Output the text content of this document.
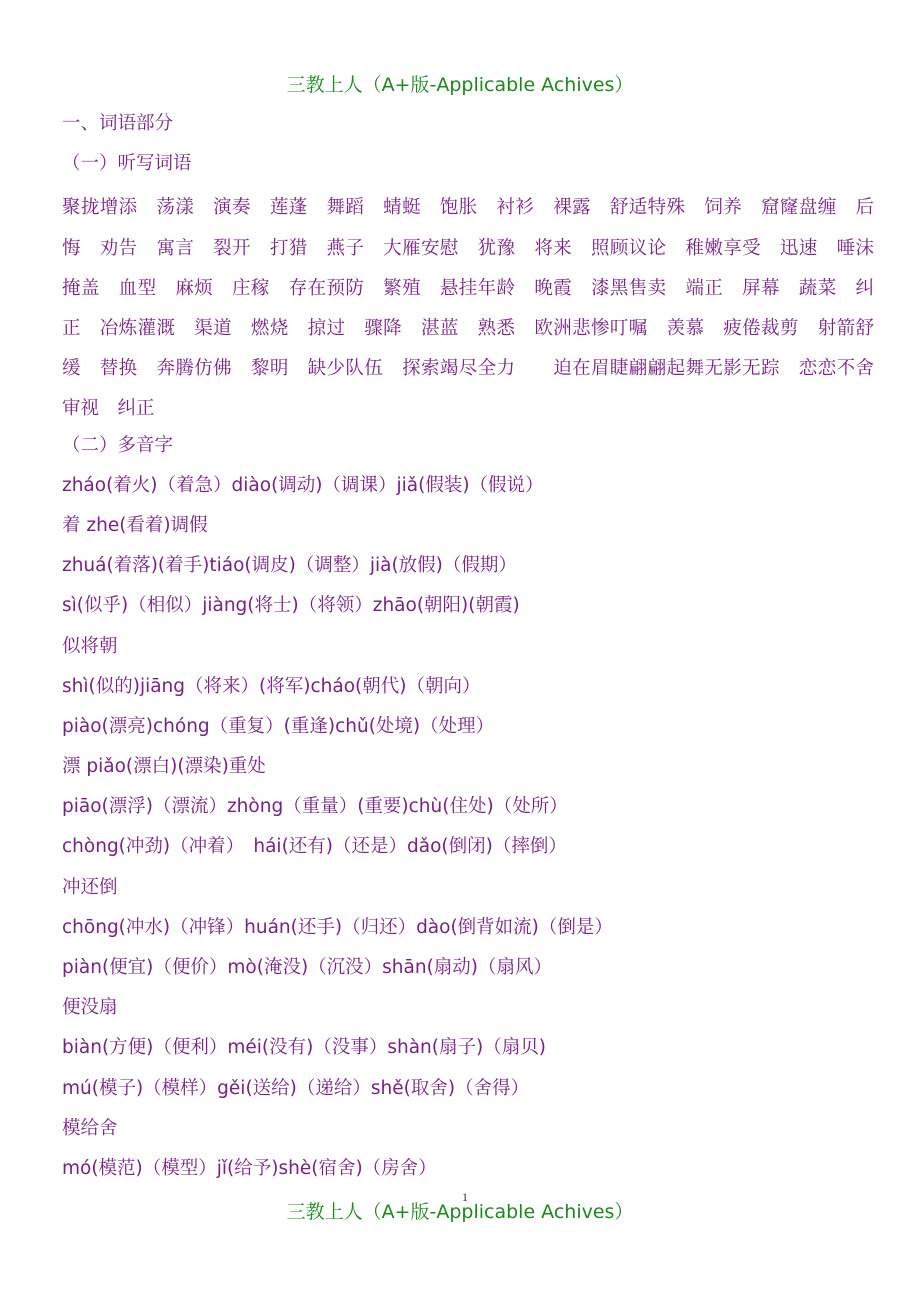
三教上人（A+版-Applicable Achives）
一、词语部分
（一）听写词语
聚拢增添　荡漾　演奏　莲蓬　舞蹈　蜻蜓　饱胀　衬衫　裸露　舒适特殊　饲养　窟窿盘缠　后悔　劝告　寓言　裂开　打猎　燕子　大雁安慰　犹豫　将来　照顾议论　稚嫩享受　迅速　唾沫掩盖　血型　麻烦　庄稼　存在预防　繁殖　悬挂年龄　晚霞　漆黑售卖　端正　屏幕　蔬菜　纠正　冶炼灌溉　渠道　燃烧　掠过　骤降　湛蓝　熟悉　欧洲悲惨叮嘱　羡慕　疲倦裁剪　射箭舒缓　替换　奔腾仿佛　黎明　缺少队伍　探索竭尽全力　　迫在眉睫翩翩起舞无影无踪　恋恋不舍　　审视　纠正
（二）多音字
zháo(着火)（着急）diào(调动)（调课）jiǎ(假装)（假说）
着 zhe(看着)调假
zhuá(着落)(着手)tiáo(调皮)（调整）jià(放假)（假期）
sì(似乎)（相似）jiàng(将士)（将领）zhāo(朝阳)(朝霞)
似将朝
shì(似的)jiāng（将来）(将军)cháo(朝代)（朝向）
piào(漂亮)chóng（重复）(重逢)chǔ(处境)（处理）
漂 piǎo(漂白)(漂染)重处
piāo(漂浮)（漂流）zhòng（重量）(重要)chù(住处)（处所）
chòng(冲劲)（冲着）　hái(还有)（还是）dǎo(倒闭)（摔倒）
冲还倒
chōng(冲水)（冲锋）huán(还手)（归还）dào(倒背如流)（倒是）
piàn(便宜)（便价）mò(淹没)（沉没）shān(扇动)（扇风）
便没扇
biàn(方便)（便利）méi(没有)（没事）shàn(扇子)（扇贝)
mú(模子)（模样）gěi(送给)（递给）shě(取舍)（舍得）
模给舍
mó(模范)（模型）jǐ(给予)shè(宿舍)（房舍）
1
三教上人（A+版-Applicable Achives）
